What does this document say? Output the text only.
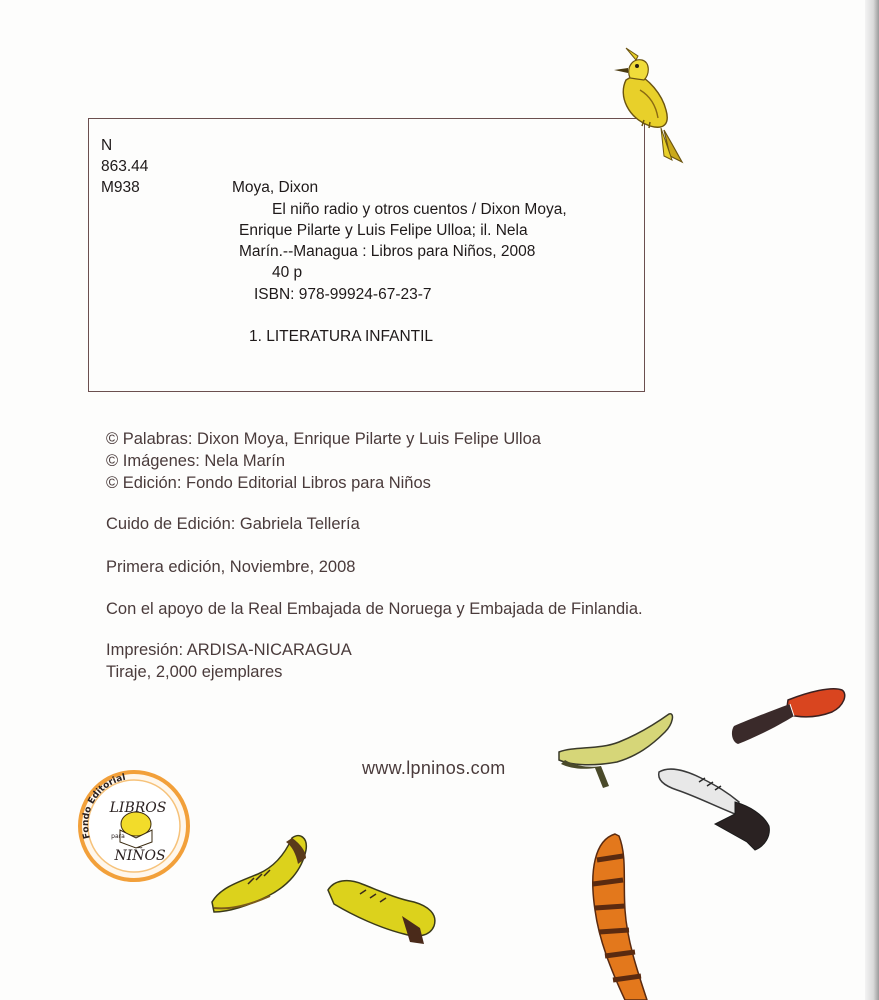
N
863.44
M938	Moya, Dixon
El niño radio y otros cuentos / Dixon Moya,
Enrique Pilarte y Luis Felipe Ulloa; il. Nela
Marín.--Managua : Libros para Niños, 2008
40 p
ISBN: 978-99924-67-23-7
1. LITERATURA INFANTIL
© Palabras: Dixon Moya, Enrique Pilarte y Luis Felipe Ulloa
© Imágenes: Nela Marín
© Edición: Fondo Editorial Libros para Niños
Cuido de Edición: Gabriela Tellería
Primera edición, Noviembre, 2008
Con el apoyo de la Real Embajada de Noruega y Embajada de Finlandia.
Impresión: ARDISA-NICARAGUA
Tiraje, 2,000 ejemplares
www.lpninos.com
Fondo Editorial
LIBROS
para
NIÑOS
